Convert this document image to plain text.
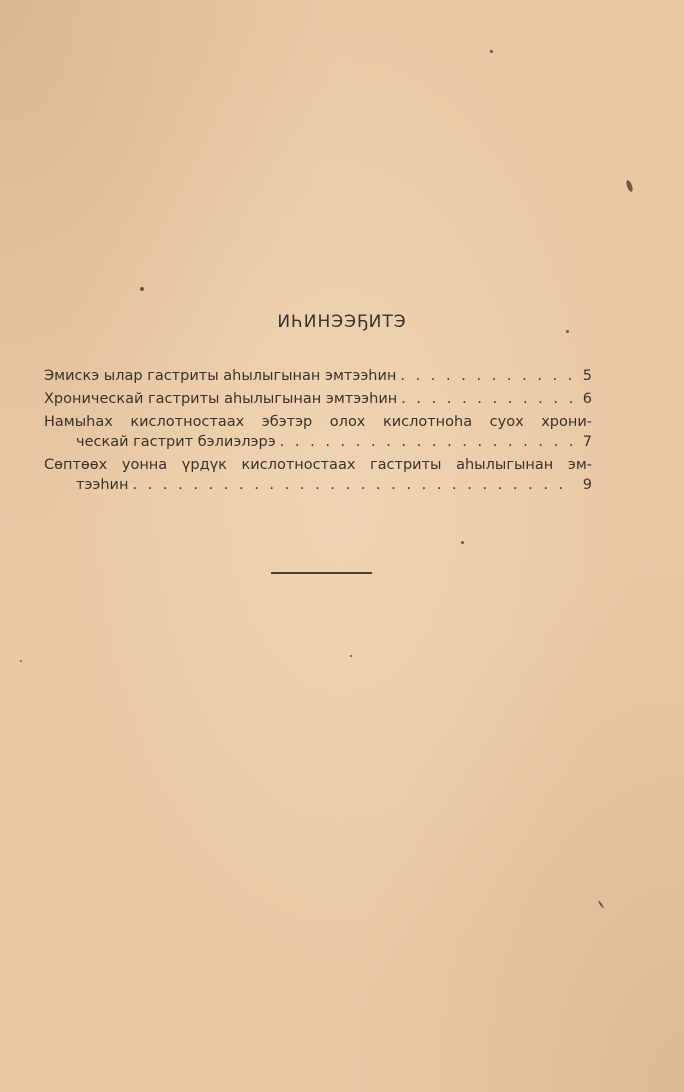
ИҺИНЭЭҔИТЭ
Эмискэ ылар гастриты аһылыгынан эмтээһин . . .	5
Хроническай гастриты аһылыгынан эмтээһин . . .	6
Намыһах кислотностаах эбэтэр олох кислотноһа суох хрони-
ческай гастрит бэлиэлэрэ . . .	7
Сөптөөх уонна үрдүк кислотностаах гастриты аһылыгынан эм-
тээһин . . .	9
